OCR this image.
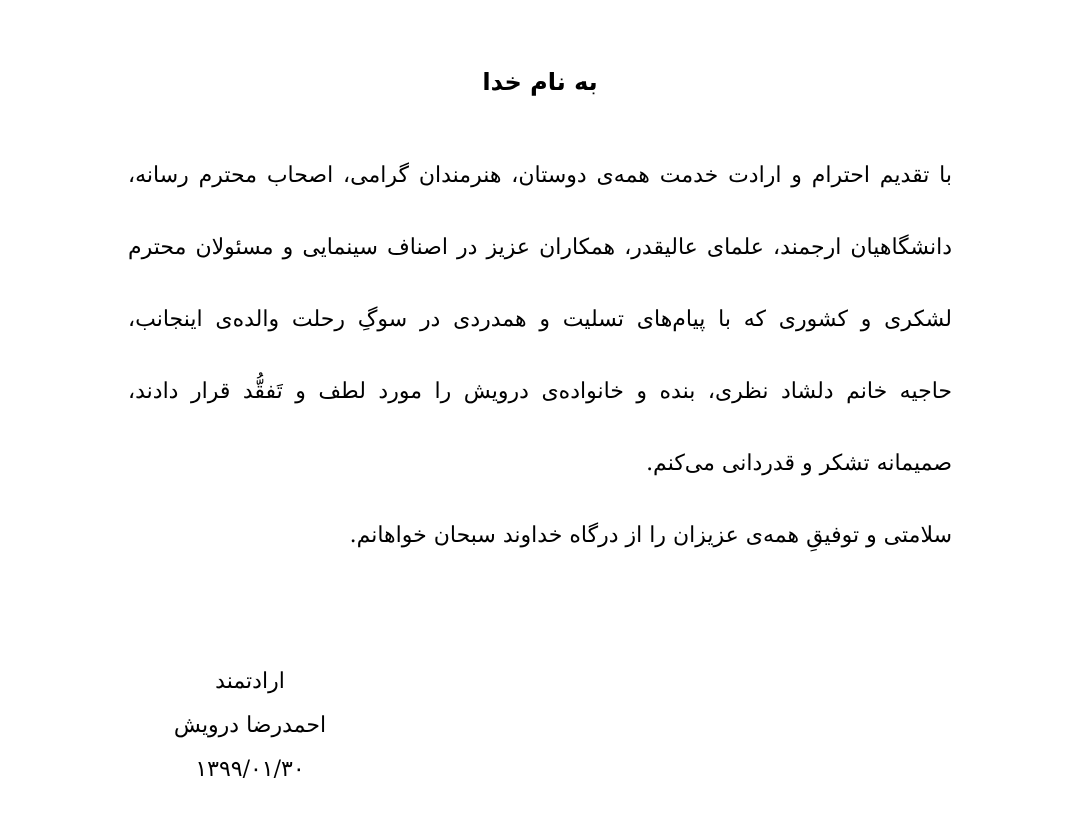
به نام خدا
با تقدیم احترام و ارادت خدمت همه‌ی دوستان، هنرمندان گرامی، اصحاب محترم رسانه،
دانشگاهیان ارجمند، علمای عالیقدر، همکاران عزیز در اصناف سینمایی و مسئولان محترم
لشکری و کشوری که با پیام‌های تسلیت و همدردی در سوگِ رحلت والده‌ی اینجانب،
حاجیه خانم دلشاد نظری، بنده و خانواده‌ی درویش را مورد لطف و تَفقُّد قرار دادند،
صمیمانه تشکر و قدردانی می‌کنم.
سلامتی و توفیقِ همه‌ی عزیزان را از درگاه خداوند سبحان خواهانم.
ارادتمند
احمدرضا درویش
۱۳۹۹/۰۱/۳۰
